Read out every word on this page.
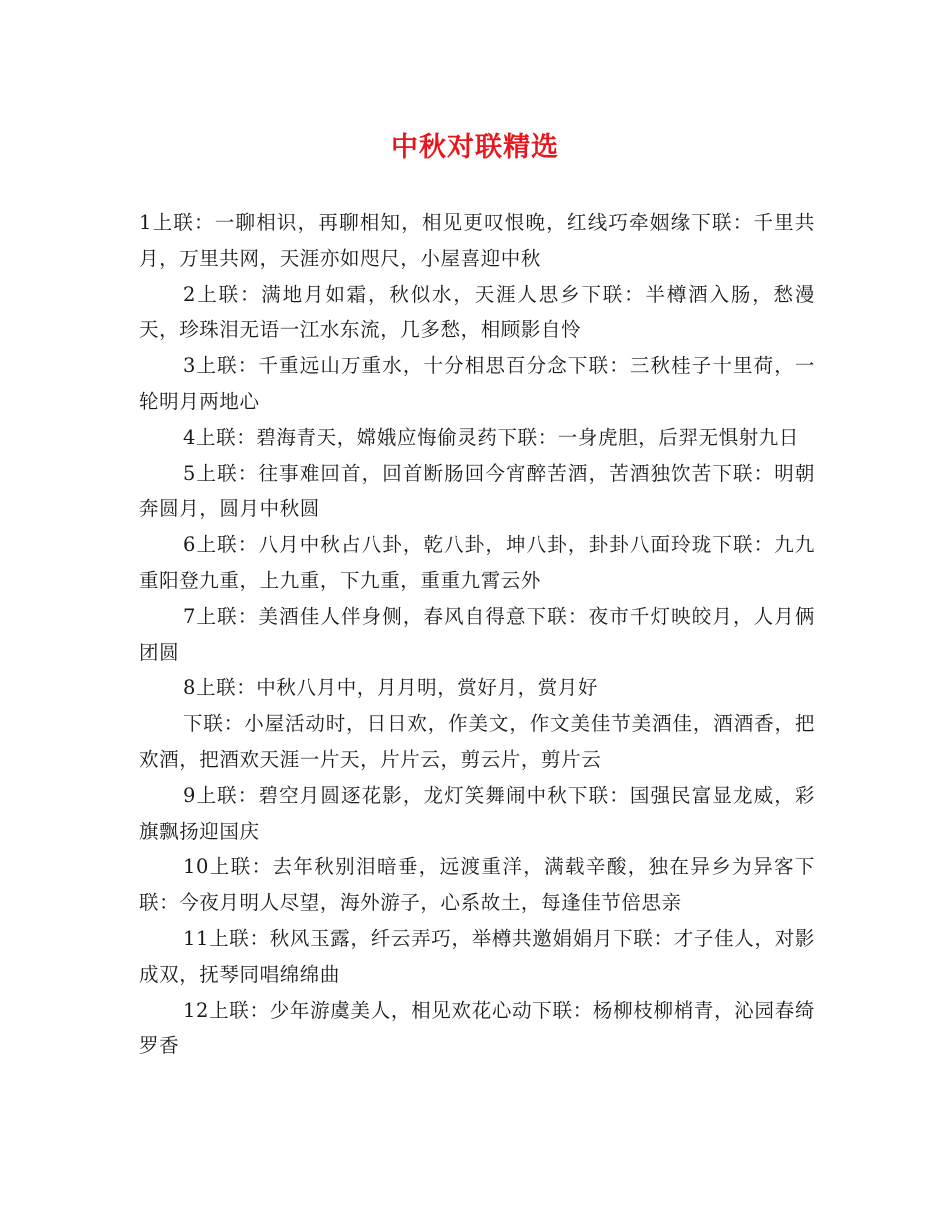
中秋对联精选

1上联：一聊相识，再聊相知，相见更叹恨晚，红线巧牵姻缘下联：千里共月，万里共网，天涯亦如咫尺，小屋喜迎中秋

2上联：满地月如霜，秋似水，天涯人思乡下联：半樽酒入肠，愁漫天，珍珠泪无语一江水东流，几多愁，相顾影自怜

3上联：千重远山万重水，十分相思百分念下联：三秋桂子十里荷，一轮明月两地心

4上联：碧海青天，嫦娥应悔偷灵药下联：一身虎胆，后羿无惧射九日

5上联：往事难回首，回首断肠回今宵醉苦酒，苦酒独饮苦下联：明朝奔圆月，圆月中秋圆

6上联：八月中秋占八卦，乾八卦，坤八卦，卦卦八面玲珑下联：九九重阳登九重，上九重，下九重，重重九霄云外

7上联：美酒佳人伴身侧，春风自得意下联：夜市千灯映皎月，人月俩团圆

8上联：中秋八月中，月月明，赏好月，赏月好

下联：小屋活动时，日日欢，作美文，作文美佳节美酒佳，酒酒香，把欢酒，把酒欢天涯一片天，片片云，剪云片，剪片云

9上联：碧空月圆逐花影，龙灯笑舞闹中秋下联：国强民富显龙威，彩旗飘扬迎国庆

10上联：去年秋别泪暗垂，远渡重洋，满载辛酸，独在异乡为异客下联：今夜月明人尽望，海外游子，心系故土，每逢佳节倍思亲

11上联：秋风玉露，纤云弄巧，举樽共邀娟娟月下联：才子佳人，对影成双，抚琴同唱绵绵曲

12上联：少年游虞美人，相见欢花心动下联：杨柳枝柳梢青，沁园春绮罗香
